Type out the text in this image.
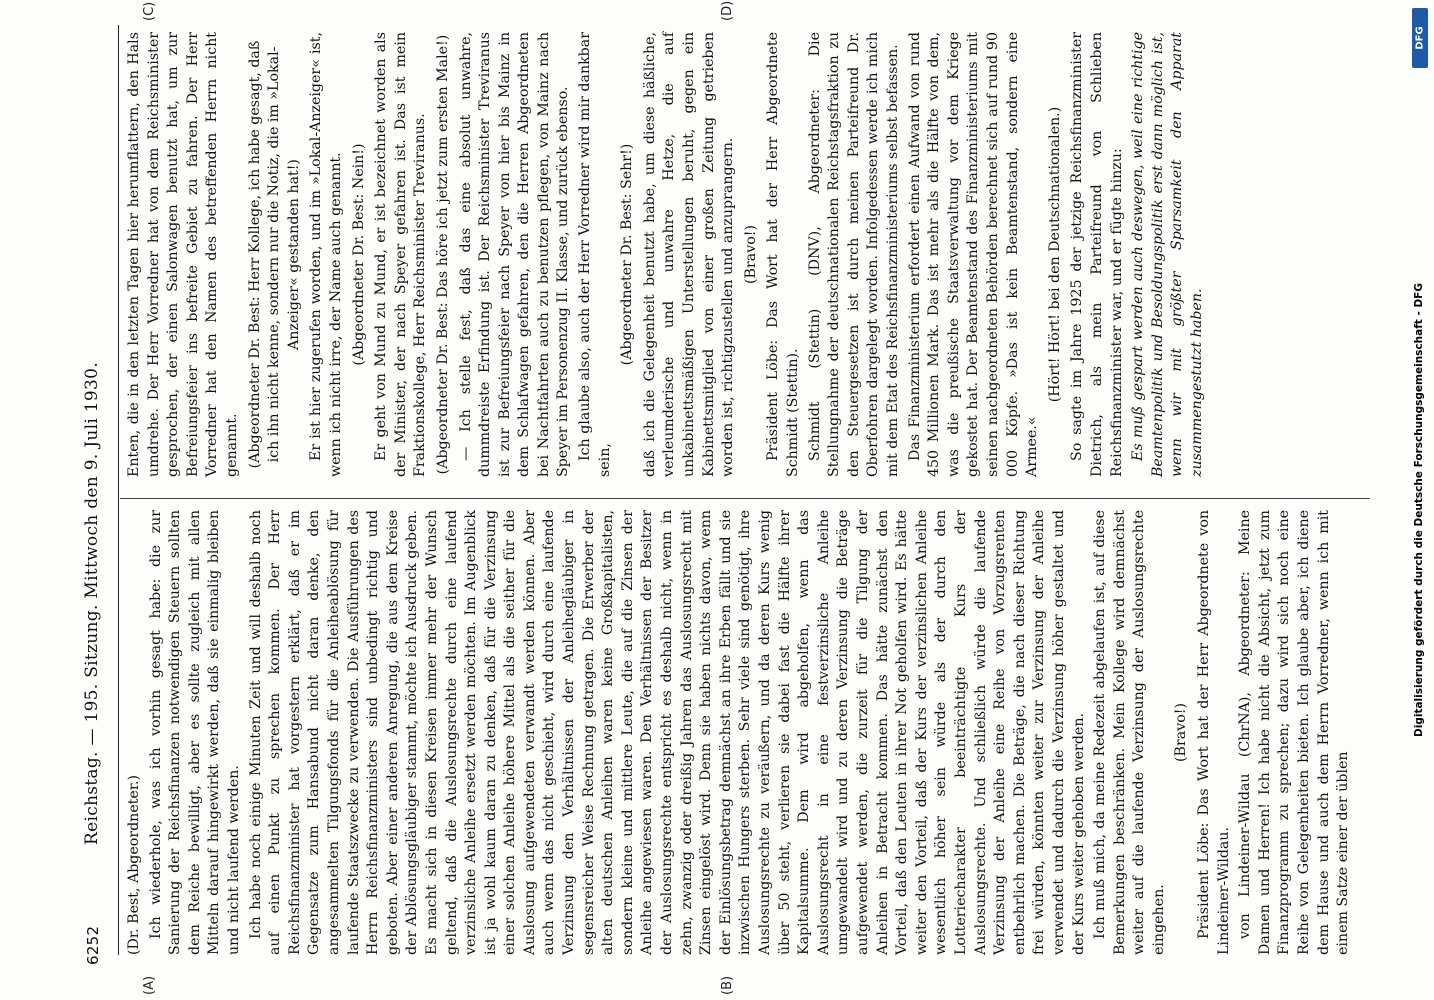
6252
Reichstag. — 195. Sitzung. Mittwoch den 9. Juli 1930.
(A)	(B)
(C)	(D)

(Dr. Best, Abgeordneter.) Ich wiederhole, was ich vorhin gesagt habe: die zur Sanierung der Reichsfinanzen notwendigen Steuern sollten dem Reiche bewilligt, aber es sollte zugleich mit allen Mitteln darauf hingewirkt werden, daß sie einmalig bleiben und nicht laufend werden. Ich habe noch einige Minuten Zeit und will deshalb noch auf einen Punkt zu sprechen kommen. Der Herr Reichsfinanzminister hat vorgestern erklärt, daß er im Gegensatze zum Hansabund nicht daran denke, den angesammelten Tilgungsfonds für die Anleiheablösung für laufende Staatszwecke zu verwenden. Die Ausführungen des Herrn Reichsfinanzministers sind unbedingt richtig und geboten. Aber einer anderen Anregung, die aus dem Kreise der Ablösungsgläubiger stammt, möchte ich Ausdruck geben. Es macht sich in diesen Kreisen immer mehr der Wunsch geltend, daß die Auslosungsrechte durch eine laufend verzinsliche Anleihe ersetzt werden möchten. Im Augenblick ist ja wohl kaum daran zu denken, daß für die Verzinsung einer solchen Anleihe höhere Mittel als die seither für die Auslosung aufgewendeten verwandt werden können. Aber auch wenn das nicht geschieht, wird durch eine laufende Verzinsung den Verhältnissen der Anleihegläubiger in segensreicher Weise Rechnung getragen. Die Erwerber der alten deutschen Anleihen waren keine Großkapitalisten, sondern kleine und mittlere Leute, die auf die Zinsen der Anleihe angewiesen waren. Den Verhältnissen der Besitzer der Auslosungsrechte entspricht es deshalb nicht, wenn in zehn, zwanzig oder dreißig Jahren das Auslosungsrecht mit Zinsen eingelöst wird. Denn sie haben nichts davon, wenn der Einlösungsbetrag demnächst an ihre Erben fällt und sie inzwischen Hungers sterben. Sehr viele sind genötigt, ihre Auslosungsrechte zu veräußern, und da deren Kurs wenig über 50 steht, verlieren sie dabei fast die Hälfte ihrer Kapitalsumme. Dem wird abgeholfen, wenn das Auslosungsrecht in eine festverzinsliche Anleihe umgewandelt wird und zu deren Verzinsung die Beträge aufgewendet werden, die zurzeit für die Tilgung der Anleihen in Betracht kommen. Das hätte zunächst den Vorteil, daß den Leuten in ihrer Not geholfen wird. Es hätte weiter den Vorteil, daß der Kurs der verzinslichen Anleihe wesentlich höher sein würde als der durch den Lotteriecharakter beeinträchtigte Kurs der Auslosungsrechte. Und schließlich würde die laufende Verzinsung der Anleihe eine Reihe von Vorzugsrenten entbehrlich machen. Die Beträge, die nach dieser Richtung frei würden, könnten weiter zur Verzinsung der Anleihe verwendet und dadurch die Verzinsung höher gestaltet und der Kurs weiter gehoben werden. Ich muß mich, da meine Redezeit abgelaufen ist, auf diese Bemerkungen beschränken. Mein Kollege wird demnächst weiter auf die laufende Verzinsung der Auslosungsrechte eingehen.

(Bravo!) Präsident Löbe: Das Wort hat der Herr Abgeordnete von Lindeiner-Wildau. von Lindeiner-Wildau (ChrNA), Abgeordneter: Meine Damen und Herren! Ich habe nicht die Absicht, jetzt zum Finanzprogramm zu sprechen; dazu wird sich noch eine Reihe von Gelegenheiten bieten. Ich glaube aber, ich diene dem Hause und auch dem Herrn Vorredner, wenn ich mit einem Satze einer der üblen

Enten, die in den letzten Tagen hier herumflattern, den Hals umdrehe. Der Herr Vorredner hat von dem Reichsminister gesprochen, der einen Salonwagen benutzt hat, um zur Befreiungsfeier ins befreite Gebiet zu fahren. Der Herr Vorredner hat den Namen des betreffenden Herrn nicht genannt. (Abgeordneter Dr. Best: Herr Kollege, ich habe gesagt, daß ich ihn nicht kenne, sondern nur die Notiz, die im »Lokal-Anzeiger« gestanden hat!) Er ist hier zugerufen worden, und im »Lokal-Anzeiger« ist, wenn ich nicht irre, der Name auch genannt. (Abgeordneter Dr. Best: Nein!) Er geht von Mund zu Mund, er ist bezeichnet worden als der Minister, der nach Speyer gefahren ist. Das ist mein Fraktionskollege, Herr Reichsminister Treviranus. (Abgeordneter Dr. Best: Das höre ich jetzt zum ersten Male!) — Ich stelle fest, daß das eine absolut unwahre, dummdreiste Erfindung ist. Der Reichsminister Treviranus ist zur Befreiungsfeier nach Speyer von hier bis Mainz in dem Schlafwagen gefahren, den die Herren Abgeordneten bei Nachtfahrten auch zu benutzen pflegen, von Mainz nach Speyer im Personenzug II. Klasse, und zurück ebenso. Ich glaube also, auch der Herr Vorredner wird mir dankbar sein,

(Abgeordneter Dr. Best: Sehr!) daß ich die Gelegenheit benutzt habe, um diese häßliche, verleumderische und unwahre Hetze, die auf unkabinettsmäßigen Unterstellungen beruht, gegen ein Kabinettsmitglied von einer großen Zeitung getrieben worden ist, richtigzustellen und anzuprangern. (Bravo!) Präsident Löbe: Das Wort hat der Herr Abgeordnete Schmidt (Stettin). Schmidt (Stettin) (DNV), Abgeordneter: Die Stellungnahme der deutschnationalen Reichstagsfraktion zu den Steuergesetzen ist durch meinen Parteifreund Dr. Oberfohren dargelegt worden. Infolgedessen werde ich mich mit dem Etat des Reichsfinanzministeriums selbst befassen. Das Finanzministerium erfordert einen Aufwand von rund 450 Millionen Mark. Das ist mehr als die Hälfte von dem, was die preußische Staatsverwaltung vor dem Kriege gekostet hat. Der Beamtenstand des Finanzministeriums mit seinen nachgeordneten Behörden berechnet sich auf rund 90 000 Köpfe. »Das ist kein Beamtenstand, sondern eine Armee.«

(Hört! Hört! bei den Deutschnationalen.) So sagte im Jahre 1925 der jetzige Reichsfinanzminister Dietrich, als mein Parteifreund von Schlieben Reichsfinanzminister war, und er fügte hinzu: Es muß gespart werden auch deswegen, weil eine richtige Beamtenpolitik und Besoldungspolitik erst dann möglich ist, wenn wir mit größter Sparsamkeit den Apparat zusammengestutzt haben.

DFG
Digitalisierung gefördert durch die Deutsche Forschungsgemeinschaft - DFG
